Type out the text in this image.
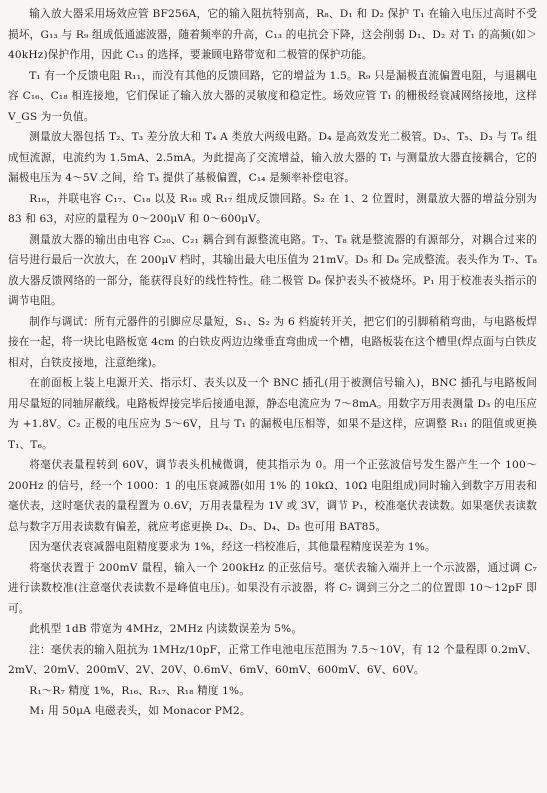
输入放大器采用场效应管 BF256A，它的输入阻抗特别高，R₈、D₁ 和 D₂ 保护 T₁ 在输入电压过高时不受损坏，G₁₃ 与 R₉ 组成低通滤波器，随着频率的升高，C₁₃ 的电抗会下降，这会削弱 D₁、D₂ 对 T₁ 的高频(如＞40kHz)保护作用，因此 C₁₃ 的选择，要兼顾电路带宽和二极管的保护功能。

T₁ 有一个反馈电阻 R₁₁，而没有其他的反馈回路，它的增益为 1.5。R₉ 只是漏极直流偏置电阻，与退耦电容 C₁₆、C₁₈ 相连接地，它们保证了输入放大器的灵敏度和稳定性。场效应管 T₁ 的栅极经衰减网络接地，这样 V_GS 为一负值。

测量放大器包括 T₂、T₃ 差分放大和 T₄ A 类放大两级电路。D₄ 是高效发光二极管。D₃、T₅、D₃ 与 T₆ 组成恒流源，电流约为 1.5mA、2.5mA。为此提高了交流增益，输入放大器的 T₁ 与测量放大器直接耦合，它的漏极电压为 4～5V 之间，给 T₃ 提供了基极偏置，C₁₄ 是频率补偿电容。

R₁₆，并联电容 C₁₇、C₁₈ 以及 R₁₆ 或 R₁₇ 组成反馈回路。S₂ 在 1、2 位置时，测量放大器的增益分别为 83 和 63，对应的量程为 0～200μV 和 0～600μV。

测量放大器的输出由电容 C₂₀、C₂₁ 耦合到有源整流电路。T₇、T₈ 就是整流器的有源部分，对耦合过来的信号进行最后一次放大，在 200μV 档时，其输出最大电压值为 21mV。D₅ 和 D₆ 完成整流。表头作为 T₇、T₈ 放大器反馈网络的一部分，能获得良好的线性特性。硅二极管 D₆ 保护表头不被烧坏。P₁ 用于校准表头指示的调节电阻。

制作与调试：所有元器件的引脚应尽量短，S₁、S₂ 为 6 档旋转开关，把它们的引脚稍稍弯曲，与电路板焊接在一起，将一块比电路板宽 4cm 的白铁皮两边边缘垂直弯曲成一个槽，电路板装在这个槽里(焊点面与白铁皮相对，白铁皮接地，注意绝缘)。

在前面板上装上电源开关、指示灯、表头以及一个 BNC 插孔(用于被测信号输入)，BNC 插孔与电路板间用尽量短的同轴屏蔽线。电路板焊接完毕后接通电源，静态电流应为 7～8mA。用数字万用表测量 D₃ 的电压应为 +1.8V。C₂ 正极的电压应为 5～6V，且与 T₁ 的漏极电压相等，如果不是这样，应调整 R₁₁ 的阻值或更换 T₁、T₆。

将毫伏表量程转到 60V，调节表头机械微调，使其指示为 0。用一个正弦波信号发生器产生一个 100～200Hz 的信号，经一个 1000：1 的电压衰减器(如用 1% 的 10kΩ、10Ω 电阻组成)同时输入到数字万用表和毫伏表，这时毫伏表的量程置为 0.6V，万用表量程为 1V 或 3V，调节 P₁，校准毫伏表读数。如果毫伏表读数总与数字万用表读数有偏差，就应考虑更换 D₄、D₅、D₄、D₅ 也可用 BAT85。

因为毫伏表衰减器电阻精度要求为 1%，经这一档校准后，其他量程精度误差为 1%。

将毫伏表置于 200mV 量程，输入一个 200kHz 的正弦信号。毫伏表输入端并上一个示波器，通过调 C₇ 进行读数校准(注意毫伏表读数不是峰值电压)。如果没有示波器，将 C₇ 调到三分之二的位置即 10～12pF 即可。

此机型 1dB 带宽为 4MHz，2MHz 内读数误差为 5%。

注：毫伏表的输入阻抗为 1MHz/10pF，正常工作电池电压范围为 7.5～10V，有 12 个量程即 0.2mV、2mV、20mV、200mV、2V、20V、0.6mV、6mV、60mV、600mV、6V、60V。

R₁～R₇ 精度 1%，R₁₆、R₁₇、R₁₈ 精度 1%。

M₁ 用 50μA 电磁表头，如 Monacor PM2。
